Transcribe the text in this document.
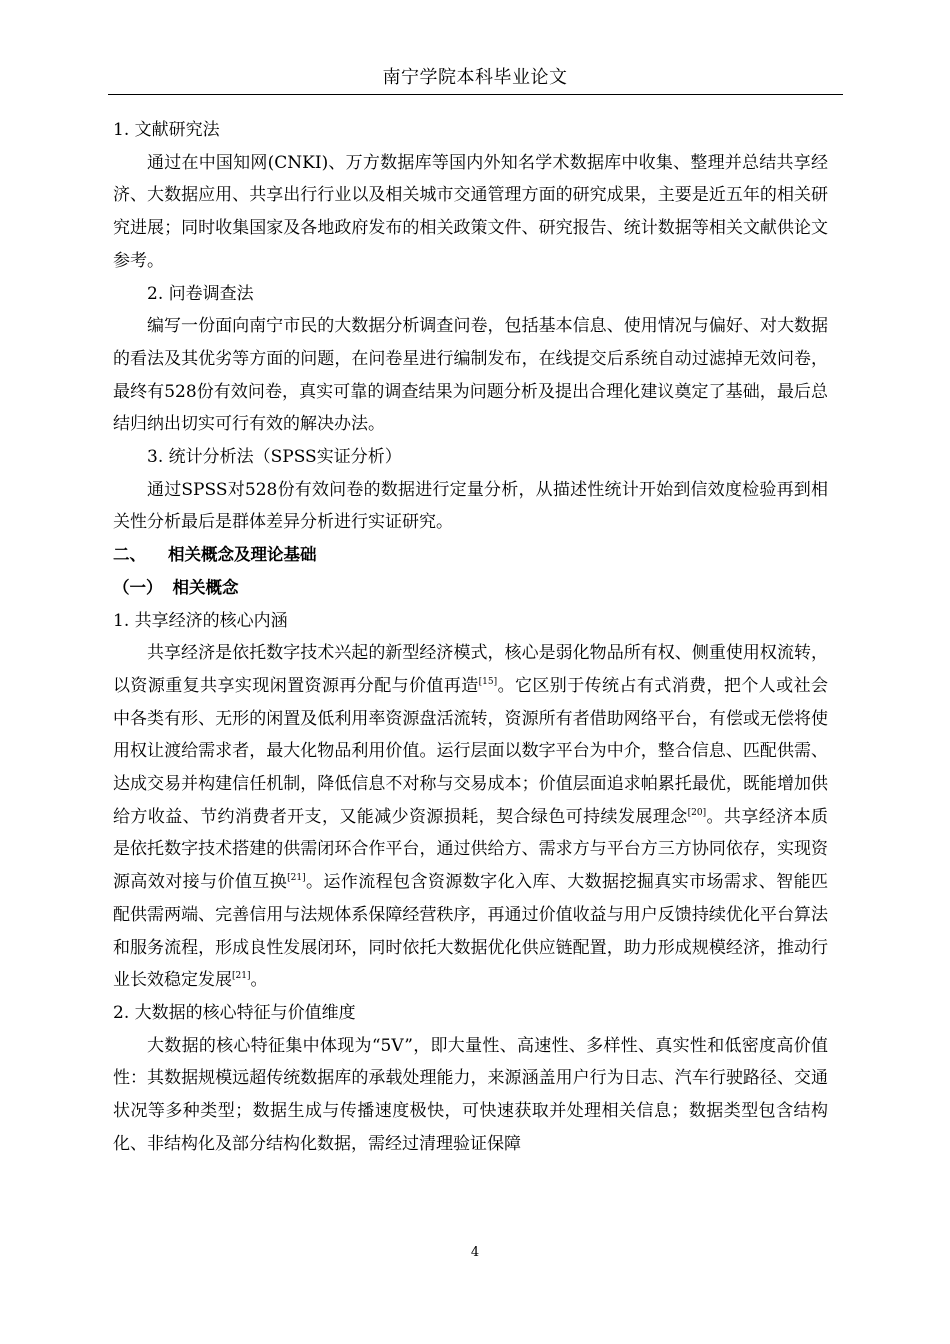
南宁学院本科毕业论文
1. 文献研究法

通过在中国知网(CNKI)、万方数据库等国内外知名学术数据库中收集、整理并总结共享经济、大数据应用、共享出行行业以及相关城市交通管理方面的研究成果，主要是近五年的相关研究进展；同时收集国家及各地政府发布的相关政策文件、研究报告、统计数据等相关文献供论文参考。

2. 问卷调查法

编写一份面向南宁市民的大数据分析调查问卷，包括基本信息、使用情况与偏好、对大数据的看法及其优劣等方面的问题，在问卷星进行编制发布，在线提交后系统自动过滤掉无效问卷，最终有528份有效问卷，真实可靠的调查结果为问题分析及提出合理化建议奠定了基础，最后总结归纳出切实可行有效的解决办法。

3. 统计分析法（SPSS实证分析）

通过SPSS对528份有效问卷的数据进行定量分析，从描述性统计开始到信效度检验再到相关性分析最后是群体差异分析进行实证研究。

二、 相关概念及理论基础
（一） 相关概念
1. 共享经济的核心内涵

共享经济是依托数字技术兴起的新型经济模式，核心是弱化物品所有权、侧重使用权流转，以资源重复共享实现闲置资源再分配与价值再造[15]。它区别于传统占有式消费，把个人或社会中各类有形、无形的闲置及低利用率资源盘活流转，资源所有者借助网络平台，有偿或无偿将使用权让渡给需求者，最大化物品利用价值。运行层面以数字平台为中介，整合信息、匹配供需、达成交易并构建信任机制，降低信息不对称与交易成本；价值层面追求帕累托最优，既能增加供给方收益、节约消费者开支，又能减少资源损耗，契合绿色可持续发展理念[20]。共享经济本质是依托数字技术搭建的供需闭环合作平台，通过供给方、需求方与平台方三方协同依存，实现资源高效对接与价值互换[21]。运作流程包含资源数字化入库、大数据挖掘真实市场需求、智能匹配供需两端、完善信用与法规体系保障经营秩序，再通过价值收益与用户反馈持续优化平台算法和服务流程，形成良性发展闭环，同时依托大数据优化供应链配置，助力形成规模经济，推动行业长效稳定发展[21]。

2. 大数据的核心特征与价值维度

大数据的核心特征集中体现为“5V”，即大量性、高速性、多样性、真实性和低密度高价值性：其数据规模远超传统数据库的承载处理能力，来源涵盖用户行为日志、汽车行驶路径、交通状况等多种类型；数据生成与传播速度极快，可快速获取并处理相关信息；数据类型包含结构化、非结构化及部分结构化数据，需经过清理验证保障

4
